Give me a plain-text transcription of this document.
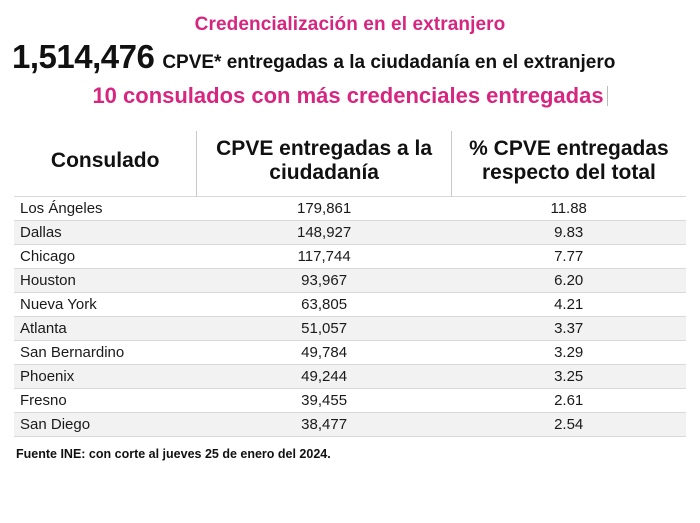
Credencialización en el extranjero
1,514,476 CPVE* entregadas a la ciudadanía en el extranjero
10 consulados con más credenciales entregadas
Consulado	CPVE entregadas a la ciudadanía	% CPVE entregadas respecto del total
Los Ángeles	179,861	11.88
Dallas	148,927	9.83
Chicago	117,744	7.77
Houston	93,967	6.20
Nueva York	63,805	4.21
Atlanta	51,057	3.37
San Bernardino	49,784	3.29
Phoenix	49,244	3.25
Fresno	39,455	2.61
San Diego	38,477	2.54
Fuente INE: con corte al jueves 25 de enero del 2024.
